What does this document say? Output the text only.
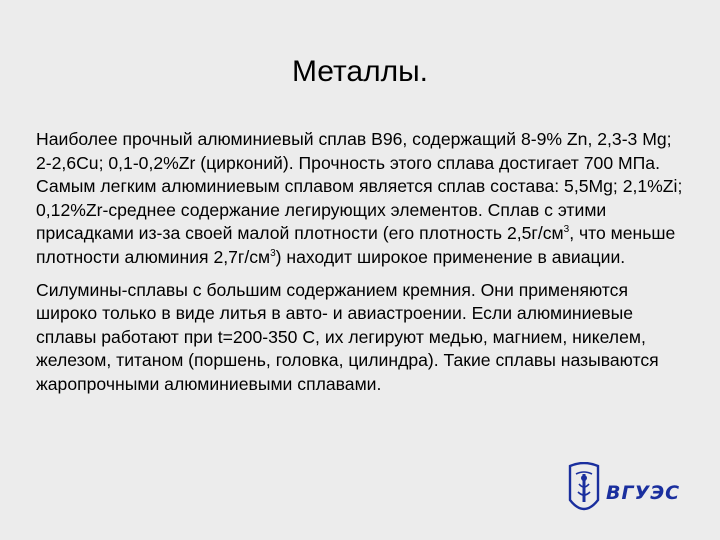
Металлы.

Наиболее прочный алюминиевый сплав В96, содержащий 8-9% Zn, 2,3-3 Mg; 2-2,6Cu; 0,1-0,2%Zr (цирконий). Прочность этого сплава достигает 700 МПа. Самым легким алюминиевым сплавом является сплав состава: 5,5Mg; 2,1%Zi; 0,12%Zr-среднее содержание легирующих элементов. Сплав с этими присадками из-за своей малой плотности (его плотность $2,5г/см^3$, что меньше плотности алюминия $2,7г/см^3$) находит широкое применение в авиации.

Силумины-сплавы с большим содержанием кремния. Они применяются широко только в виде литья в авто- и авиастроении. Если алюминиевые сплавы работают при t=200-350 С, их легируют медью, магнием, никелем, железом, титаном (поршень, головка, цилиндра). Такие сплавы называются жаропрочными алюминиевыми сплавами.

ВГУЭС
